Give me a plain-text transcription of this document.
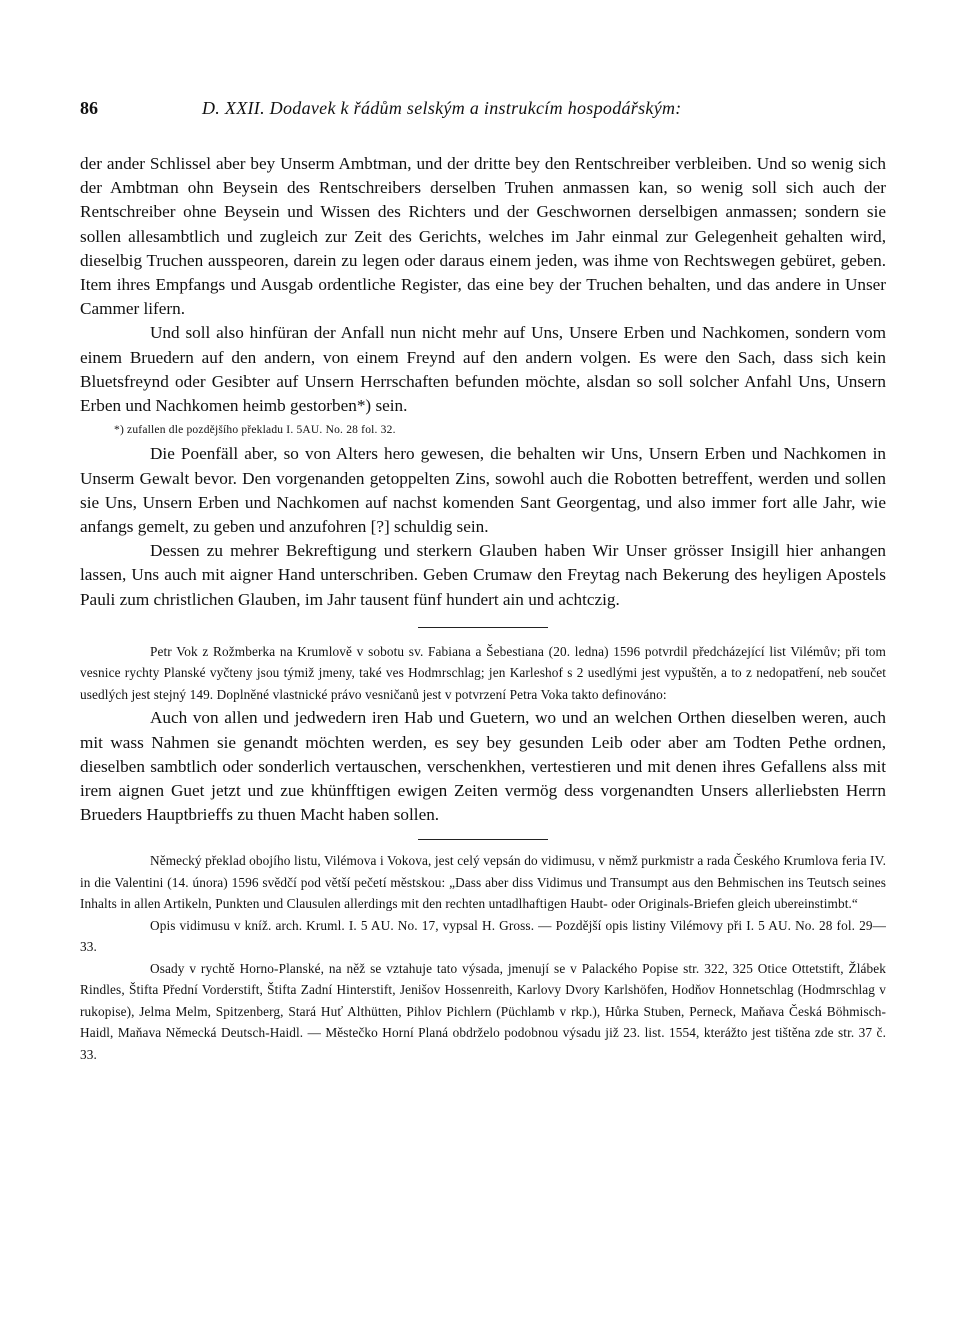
86	D. XXII. Dodavek k řádům selským a instrukcím hospodářským:

der ander Schlissel aber bey Unserm Ambtman, und der dritte bey den Rentschreiber verbleiben. Und so wenig sich der Ambtman ohn Beysein des Rentschreibers derselben Truhen anmassen kan, so wenig soll sich auch der Rentschreiber ohne Beysein und Wissen des Richters und der Geschwornen derselbigen anmassen; sondern sie sollen allesambtlich und zugleich zur Zeit des Gerichts, welches im Jahr einmal zur Gelegenheit gehalten wird, dieselbig Truchen ausspeoren, darein zu legen oder daraus einem jeden, was ihme von Rechtswegen gebüret, geben. Item ihres Empfangs und Ausgab ordentliche Register, das eine bey der Truchen behalten, und das andere in Unser Cammer lifern.

Und soll also hinfüran der Anfall nun nicht mehr auf Uns, Unsere Erben und Nachkomen, sondern vom einem Bruedern auf den andern, von einem Freynd auf den andern volgen. Es were den Sach, dass sich kein Bluetsfreynd oder Gesibter auf Unsern Herrschaften befunden möchte, alsdan so soll solcher Anfahl Uns, Unsern Erben und Nachkomen heimb gestorben*) sein.

*) zufallen dle pozdějšího překladu I. 5AU. No. 28 fol. 32.

Die Poenfäll aber, so von Alters hero gewesen, die behalten wir Uns, Unsern Erben und Nachkomen in Unserm Gewalt bevor. Den vorgenanden getoppelten Zins, sowohl auch die Robotten betreffent, werden und sollen sie Uns, Unsern Erben und Nachkomen auf nachst komenden Sant Georgentag, und also immer fort alle Jahr, wie anfangs gemelt, zu geben und anzufohren [?] schuldig sein.

Dessen zu mehrer Bekreftigung und sterkern Glauben haben Wir Unser grösser Insigill hier anhangen lassen, Uns auch mit aigner Hand unterschriben. Geben Crumaw den Freytag nach Bekerung des heyligen Apostels Pauli zum christlichen Glauben, im Jahr tausent fünf hundert ain und achtczig.

Petr Vok z Rožmberka na Krumlově v sobotu sv. Fabiana a Šebestiana (20. ledna) 1596 potvrdil předcházející list Vilémův; při tom vesnice rychty Planské vyčteny jsou týmiž jmeny, také ves Hodmrschlag; jen Karleshof s 2 usedlými jest vypuštěn, a to z nedopatření, neb součet usedlých jest stejný 149. Doplněné vlastnické právo vesničanů jest v potvrzení Petra Voka takto definováno:

Auch von allen und jedwedern iren Hab und Guetern, wo und an welchen Orthen dieselben weren, auch mit wass Nahmen sie genandt möchten werden, es sey bey gesunden Leib oder aber am Todten Pethe ordnen, dieselben sambtlich oder sonderlich vertauschen, verschenkhen, vertestieren und mit denen ihres Gefallens alss mit irem aignen Guet jetzt und zue khünfftigen ewigen Zeiten vermög dess vorgenandten Unsers allerliebsten Herrn Brueders Hauptbrieffs zu thuen Macht haben sollen.

Německý překlad obojího listu, Vilémova i Vokova, jest celý vepsán do vidimusu, v němž purkmistr a rada Českého Krumlova feria IV. in die Valentini (14. února) 1596 svědčí pod větší pečetí městskou: „Dass aber diss Vidimus und Transumpt aus den Behmischen ins Teutsch seines Inhalts in allen Artikeln, Punkten und Clausulen allerdings mit den rechten untadlhaftigen Haubt- oder Originals-Briefen gleich ubereinstimbt.“

Opis vidimusu v kníž. arch. Kruml. I. 5 AU. No. 17, vypsal H. Gross. — Pozdější opis listiny Vilémovy při I. 5 AU. No. 28 fol. 29—33.

Osady v rychtě Horno-Planské, na něž se vztahuje tato výsada, jmenují se v Palackého Popise str. 322, 325 Otice Ottetstift, Žlábek Rindles, Štifta Přední Vorderstift, Štifta Zadní Hinterstift, Jenišov Hossenreith, Karlovy Dvory Karlshöfen, Hodňov Honnetschlag (Hodmrschlag v rukopise), Jelma Melm, Spitzenberg, Stará Huť Althütten, Pihlov Pichlern (Püchlamb v rkp.), Hůrka Stuben, Perneck, Maňava Česká Böhmisch-Haidl, Maňava Německá Deutsch-Haidl. — Městečko Horní Planá obdrželo podobnou výsadu již 23. list. 1554, kterážto jest tištěna zde str. 37 č. 33.
